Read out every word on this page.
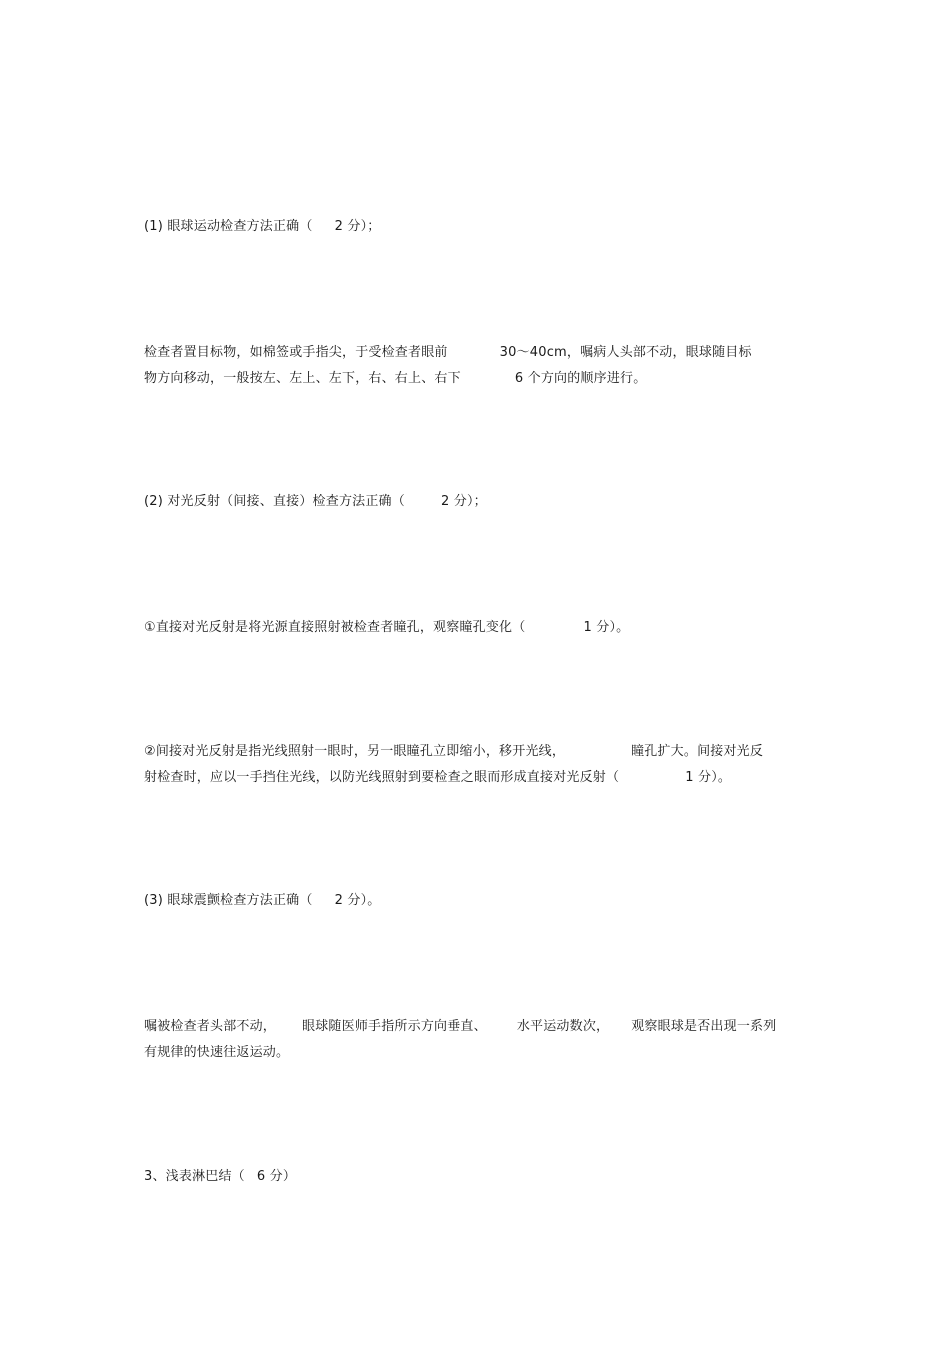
(1) 眼球运动检查方法正确（ 2 分）；
检查者置目标物，如棉签或手指尖，于受检查者眼前	30～40cm，嘱病人头部不动，眼球随目标
物方向移动，一般按左、左上、左下，右、右上、右下	6 个方向的顺序进行。
(2) 对光反射（间接、直接）检查方法正确（	2 分）；
①直接对光反射是将光源直接照射被检查者瞳孔，观察瞳孔变化（	1 分）。
②间接对光反射是指光线照射一眼时，另一眼瞳孔立即缩小，移开光线，	瞳孔扩大。间接对光反
射检查时，应以一手挡住光线，以防光线照射到要检查之眼而形成直接对光反射（	1 分）。
(3) 眼球震颤检查方法正确（ 2 分）。
嘱被检查者头部不动， 眼球随医师手指所示方向垂直、 水平运动数次， 观察眼球是否出现一系列
有规律的快速往返运动。
3、浅表淋巴结（ 6 分）
